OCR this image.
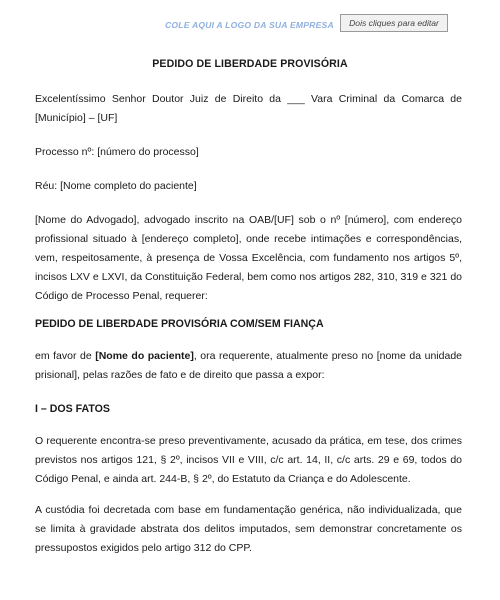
COLE AQUI A LOGO DA SUA EMPRESA	Dois cliques para editar
PEDIDO DE LIBERDADE PROVISÓRIA

Excelentíssimo Senhor Doutor Juiz de Direito da ___ Vara Criminal da Comarca de [Município] – [UF]

Processo nº: [número do processo]

Réu: [Nome completo do paciente]

[Nome do Advogado], advogado inscrito na OAB/[UF] sob o nº [número], com endereço profissional situado à [endereço completo], onde recebe intimações e correspondências, vem, respeitosamente, à presença de Vossa Excelência, com fundamento nos artigos 5º, incisos LXV e LXVI, da Constituição Federal, bem como nos artigos 282, 310, 319 e 321 do Código de Processo Penal, requerer:

PEDIDO DE LIBERDADE PROVISÓRIA COM/SEM FIANÇA

em favor de [Nome do paciente], ora requerente, atualmente preso no [nome da unidade prisional], pelas razões de fato e de direito que passa a expor:

I – DOS FATOS

O requerente encontra-se preso preventivamente, acusado da prática, em tese, dos crimes previstos nos artigos 121, § 2º, incisos VII e VIII, c/c art. 14, II, c/c arts. 29 e 69, todos do Código Penal, e ainda art. 244-B, § 2º, do Estatuto da Criança e do Adolescente.

A custódia foi decretada com base em fundamentação genérica, não individualizada, que se limita à gravidade abstrata dos delitos imputados, sem demonstrar concretamente os pressupostos exigidos pelo artigo 312 do CPP.
